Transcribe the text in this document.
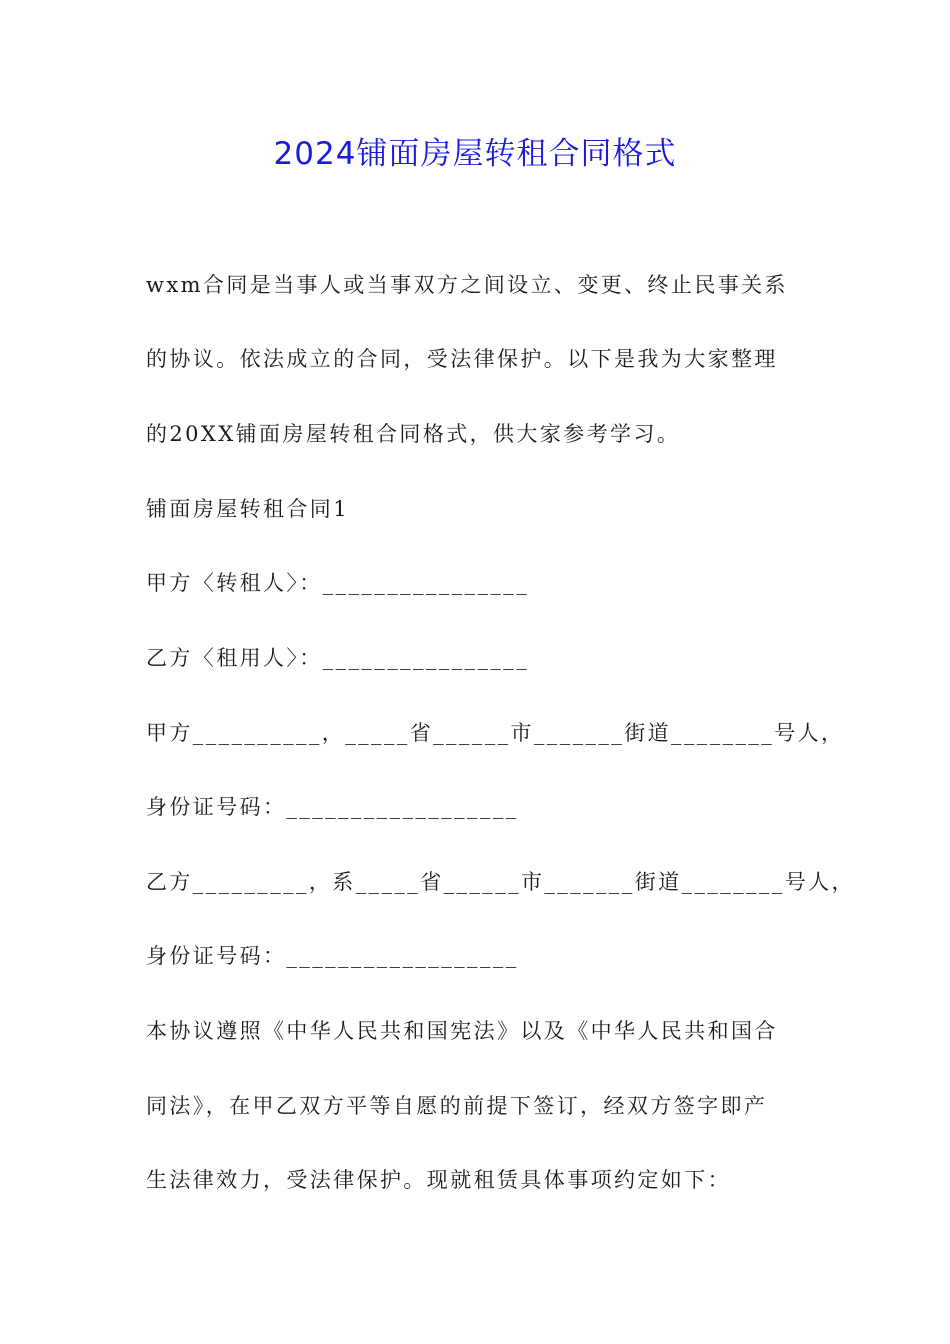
2024铺面房屋转租合同格式
wxm合同是当事人或当事双方之间设立、变更、终止民事关系
的协议。依法成立的合同，受法律保护。以下是我为大家整理
的20XX铺面房屋转租合同格式，供大家参考学习。
铺面房屋转租合同1
甲方〈转租人〉：________________
乙方〈租用人〉：________________
甲方__________，_____省______市_______街道________号人，
身份证号码：__________________
乙方_________，系_____省______市_______街道________号人，
身份证号码：__________________
本协议遵照《中华人民共和国宪法》以及《中华人民共和国合
同法》，在甲乙双方平等自愿的前提下签订，经双方签字即产
生法律效力，受法律保护。现就租赁具体事项约定如下：
